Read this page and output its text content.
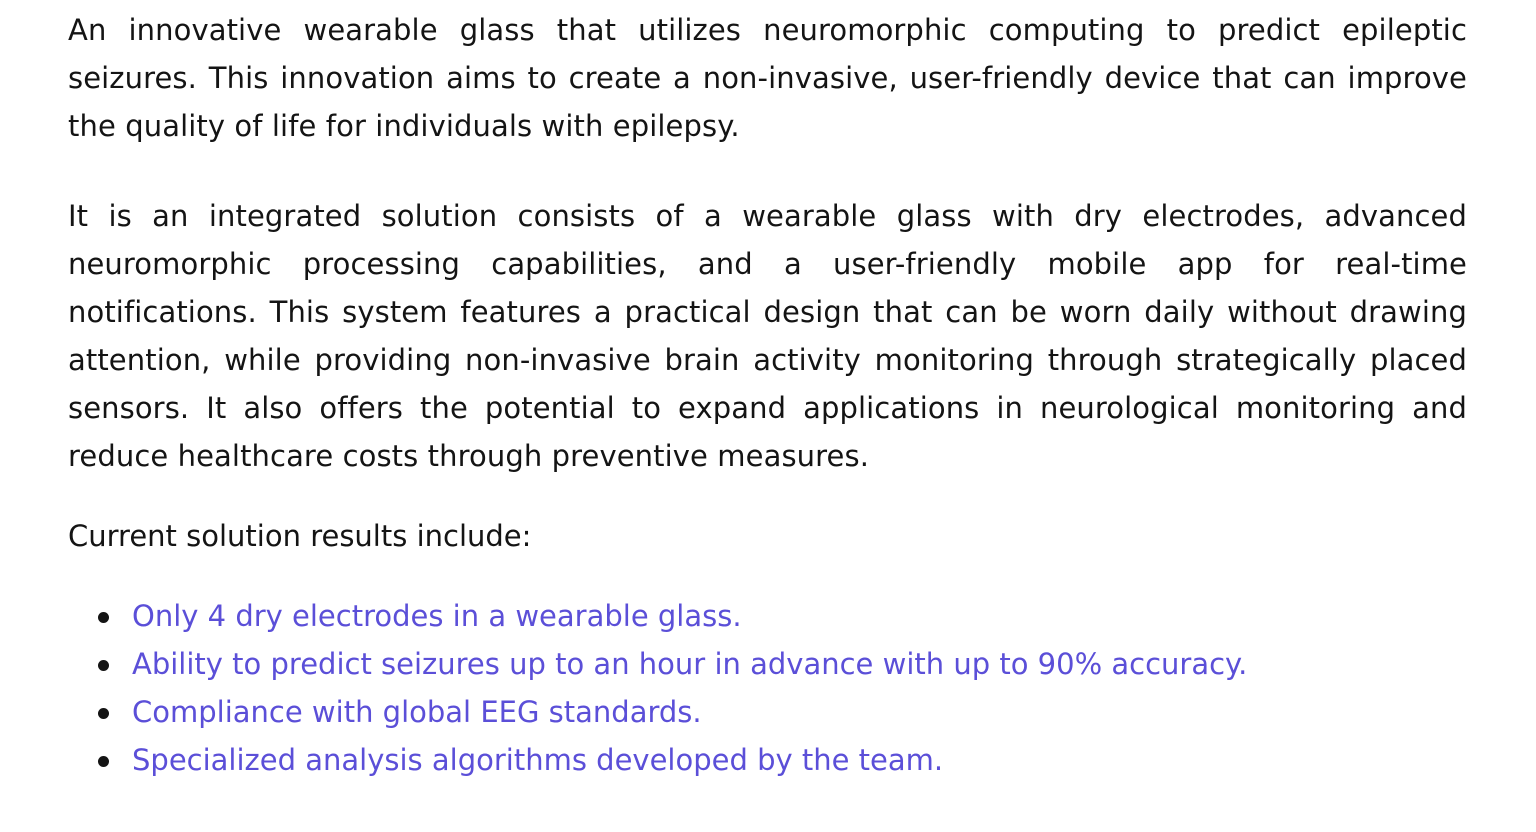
An innovative wearable glass that utilizes neuromorphic computing to predict epileptic seizures. This innovation aims to create a non-invasive, user-friendly device that can improve the quality of life for individuals with epilepsy.

It is an integrated solution consists of a wearable glass with dry electrodes, advanced neuromorphic processing capabilities, and a user-friendly mobile app for real-time notifications. This system features a practical design that can be worn daily without drawing attention, while providing non-invasive brain activity monitoring through strategically placed sensors. It also offers the potential to expand applications in neurological monitoring and reduce healthcare costs through preventive measures.

Current solution results include:

Only 4 dry electrodes in a wearable glass.
Ability to predict seizures up to an hour in advance with up to 90% accuracy.
Compliance with global EEG standards.
Specialized analysis algorithms developed by the team.
